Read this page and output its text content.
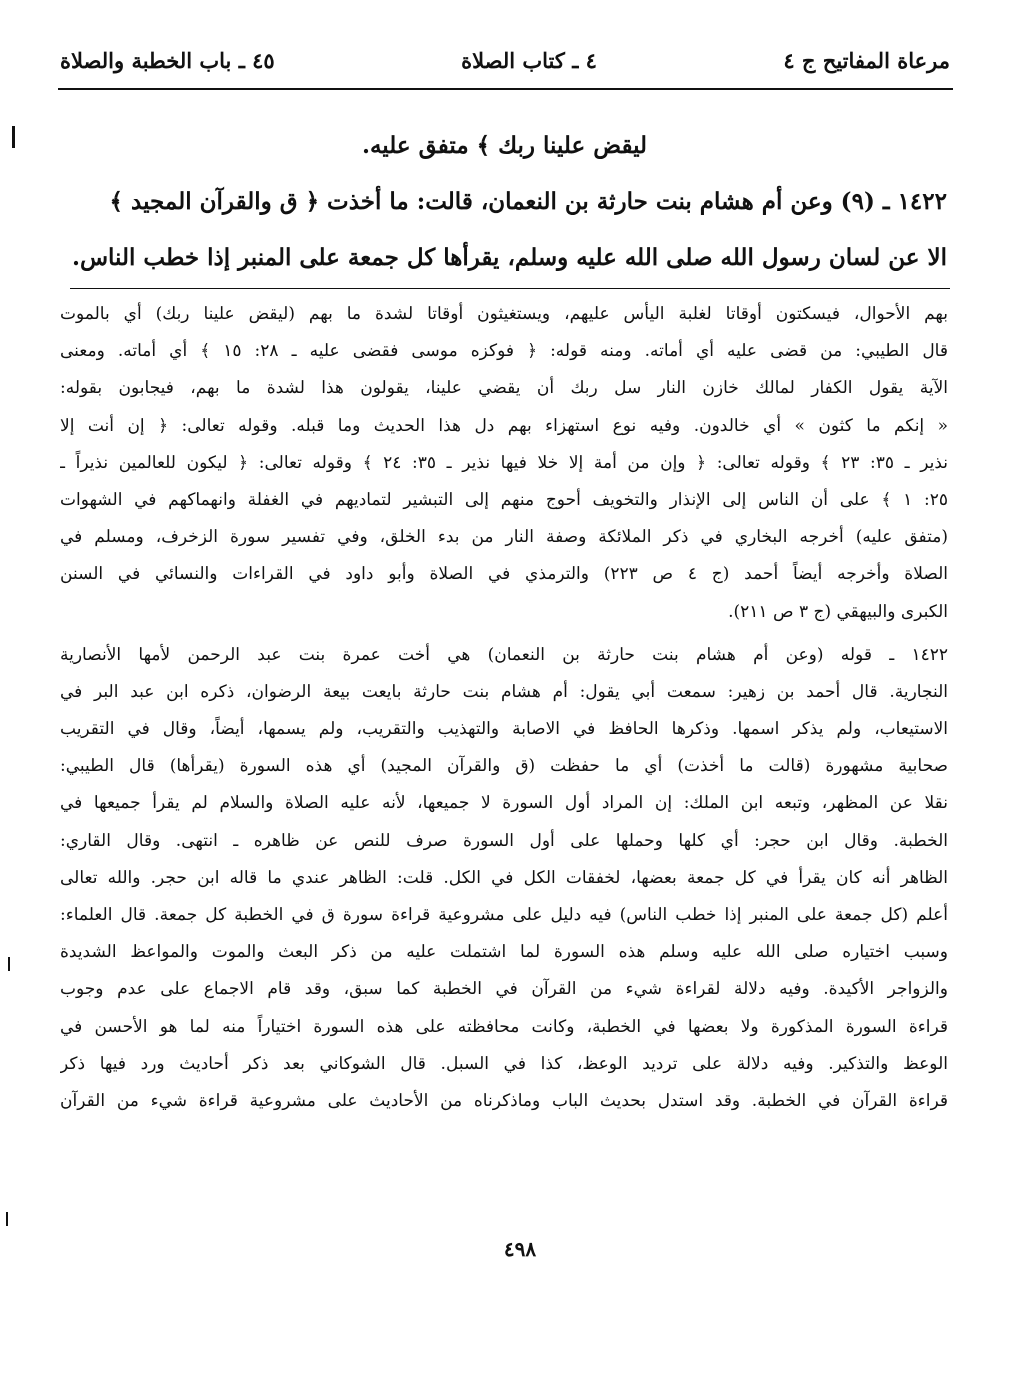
مرعاة المفاتيح ج ٤
٤ ـ كتاب الصلاة
٤٥ ـ باب الخطبة والصلاة
ليقض علينا ربك ﴾ متفق عليه.
١٤٢٢ ـ (٩) وعن أم هشام بنت حارثة بن النعمان، قالت: ما أخذت ﴿ ق والقرآن المجيد ﴾
الا عن لسان رسول الله صلى الله عليه وسلم، يقرأها كل جمعة على المنبر إذا خطب الناس.
بهم الأحوال، فيسكتون أوقاتا لغلبة اليأس عليهم، ويستغيثون أوقاتا لشدة ما بهم (ليقض علينا ربك) أي بالموت
قال الطيبي: من قضى عليه أي أماته. ومنه قوله: ﴿ فوكزه موسى فقضى عليه ـ ٢٨: ١٥ ﴾ أي أماته. ومعنى
الآية يقول الكفار لمالك خازن النار سل ربك أن يقضي علينا، يقولون هذا لشدة ما بهم، فيجابون بقوله:
« إنكم ما كثون » أي خالدون. وفيه نوع استهزاء بهم دل هذا الحديث وما قبله. وقوله تعالى: ﴿ إن أنت إلا
نذير ـ ٣٥: ٢٣ ﴾ وقوله تعالى: ﴿ وإن من أمة إلا خلا فيها نذير ـ ٣٥: ٢٤ ﴾ وقوله تعالى: ﴿ ليكون للعالمين نذيراً ـ
٢٥: ١ ﴾ على أن الناس إلى الإنذار والتخويف أحوج منهم إلى التبشير لتماديهم في الغفلة وانهماكهم في الشهوات
(متفق عليه) أخرجه البخاري في ذكر الملائكة وصفة النار من بدء الخلق، وفي تفسير سورة الزخرف، ومسلم في
الصلاة وأخرجه أيضاً أحمد (ج ٤ ص ٢٢٣) والترمذي في الصلاة وأبو داود في القراءات والنسائي في السنن
الكبرى والبيهقي (ج ٣ ص ٢١١).
١٤٢٢ ـ قوله (وعن أم هشام بنت حارثة بن النعمان) هي أخت عمرة بنت عبد الرحمن لأمها الأنصارية
النجارية. قال أحمد بن زهير: سمعت أبي يقول: أم هشام بنت حارثة بايعت بيعة الرضوان، ذكره ابن عبد البر في
الاستيعاب، ولم يذكر اسمها. وذكرها الحافظ في الاصابة والتهذيب والتقريب، ولم يسمها، أيضاً، وقال في التقريب
صحابية مشهورة (قالت ما أخذت) أي ما حفظت (ق والقرآن المجيد) أي هذه السورة (يقرأها) قال الطيبي:
نقلا عن المظهر، وتبعه ابن الملك: إن المراد أول السورة لا جميعها، لأنه عليه الصلاة والسلام لم يقرأ جميعها في
الخطبة. وقال ابن حجر: أي كلها وحملها على أول السورة صرف للنص عن ظاهره ـ انتهى. وقال القاري:
الظاهر أنه كان يقرأ في كل جمعة بعضها، لخفقات الكل في الكل. قلت: الظاهر عندي ما قاله ابن حجر. والله تعالى
أعلم (كل جمعة على المنبر إذا خطب الناس) فيه دليل على مشروعية قراءة سورة ق في الخطبة كل جمعة. قال العلماء:
وسبب اختياره صلى الله عليه وسلم هذه السورة لما اشتملت عليه من ذكر البعث والموت والمواعظ الشديدة
والزواجر الأكيدة. وفيه دلالة لقراءة شيء من القرآن في الخطبة كما سبق، وقد قام الاجماع على عدم وجوب
قراءة السورة المذكورة ولا بعضها في الخطبة، وكانت محافظته على هذه السورة اختياراً منه لما هو الأحسن في
الوعظ والتذكير. وفيه دلالة على ترديد الوعظ، كذا في السبل. قال الشوكاني بعد ذكر أحاديث ورد فيها ذكر
قراءة القرآن في الخطبة. وقد استدل بحديث الباب وماذكرناه من الأحاديث على مشروعية قراءة شيء من القرآن
٤٩٨
